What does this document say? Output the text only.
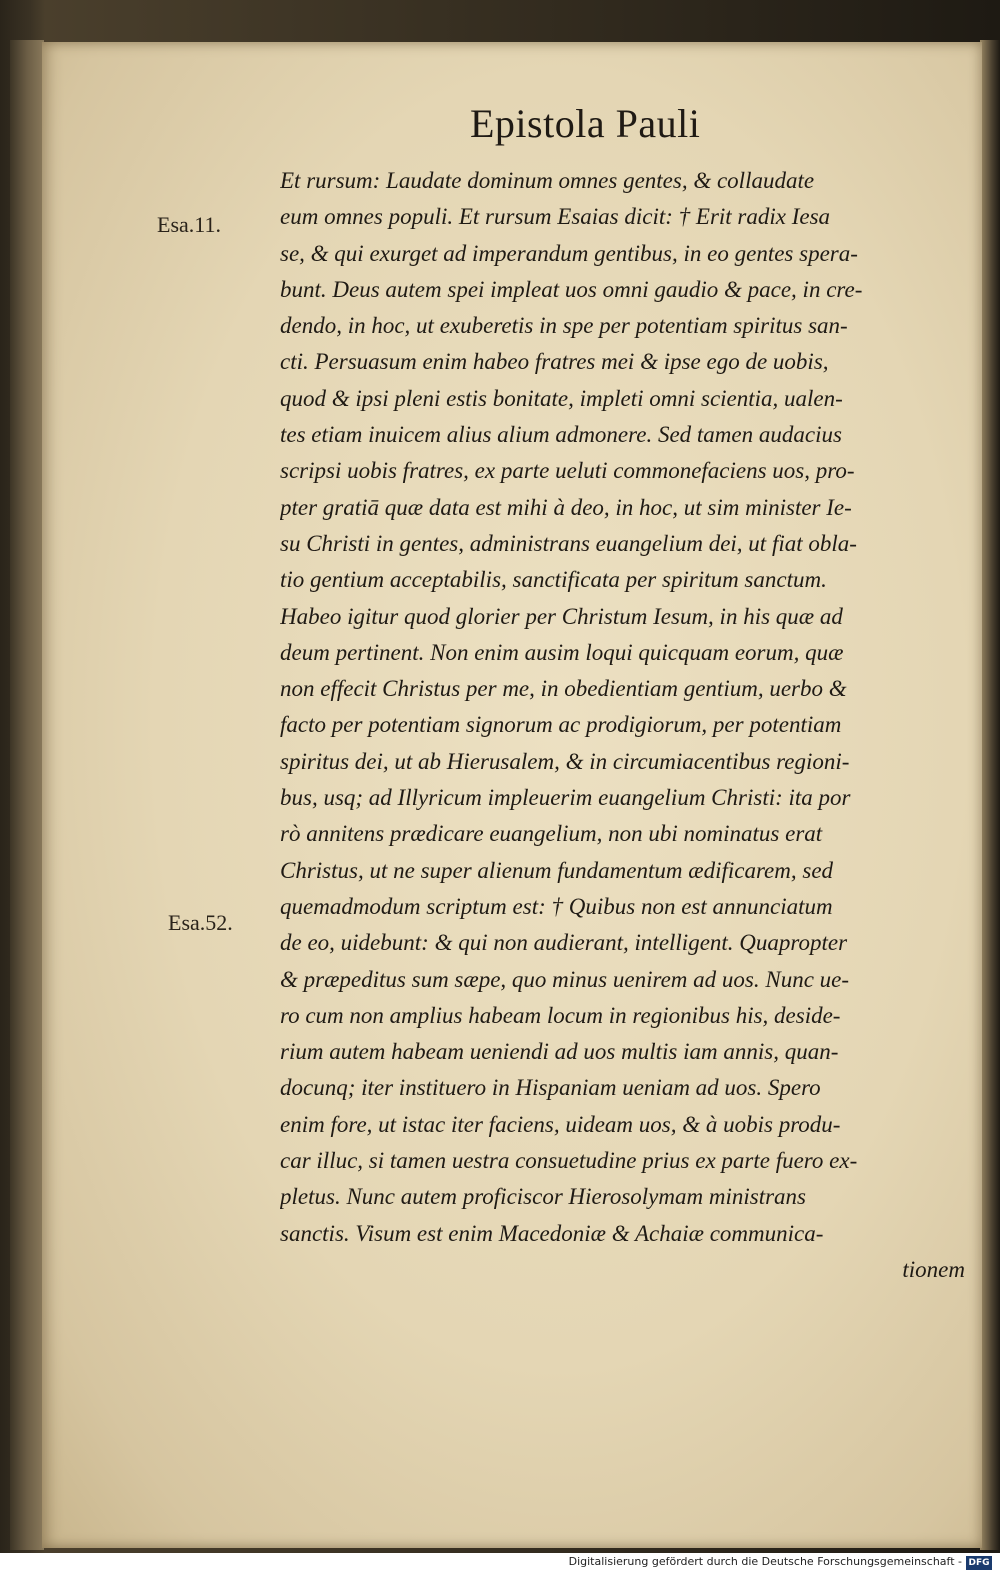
Epistola Pauli
Esa.11.
Esa.52.
Et rursum: Laudate dominum omnes gentes, & collaudate
eum omnes populi. Et rursum Esaias dicit: † Erit radix Iesa
se, & qui exurget ad imperandum gentibus, in eo gentes spera-
bunt. Deus autem spei impleat uos omni gaudio & pace, in cre-
dendo, in hoc, ut exuberetis in spe per potentiam spiritus san-
cti. Persuasum enim habeo fratres mei & ipse ego de uobis,
quod & ipsi pleni estis bonitate, impleti omni scientia, ualen-
tes etiam inuicem alius alium admonere. Sed tamen audacius
scripsi uobis fratres, ex parte ueluti commonefaciens uos, pro-
pter gratiā quæ data est mihi à deo, in hoc, ut sim minister Ie-
su Christi in gentes, administrans euangelium dei, ut fiat obla-
tio gentium acceptabilis, sanctificata per spiritum sanctum.
Habeo igitur quod glorier per Christum Iesum, in his quæ ad
deum pertinent. Non enim ausim loqui quicquam eorum, quæ
non effecit Christus per me, in obedientiam gentium, uerbo &
facto per potentiam signorum ac prodigiorum, per potentiam
spiritus dei, ut ab Hierusalem, & in circumiacentibus regioni-
bus, usq; ad Illyricum impleuerim euangelium Christi: ita por
rò annitens prædicare euangelium, non ubi nominatus erat
Christus, ut ne super alienum fundamentum ædificarem, sed
quemadmodum scriptum est: † Quibus non est annunciatum
de eo, uidebunt: & qui non audierant, intelligent. Quapropter
& præpeditus sum sæpe, quo minus uenirem ad uos. Nunc ue-
ro cum non amplius habeam locum in regionibus his, deside-
rium autem habeam ueniendi ad uos multis iam annis, quan-
docunq; iter instituero in Hispaniam ueniam ad uos. Spero
enim fore, ut istac iter faciens, uideam uos, & à uobis produ-
car illuc, si tamen uestra consuetudine prius ex parte fuero ex-
pletus. Nunc autem proficiscor Hierosolymam ministrans
sanctis. Visum est enim Macedoniæ & Achaiæ communica-
tionem
Digitalisierung gefördert durch die Deutsche Forschungsgemeinschaft - DFG
